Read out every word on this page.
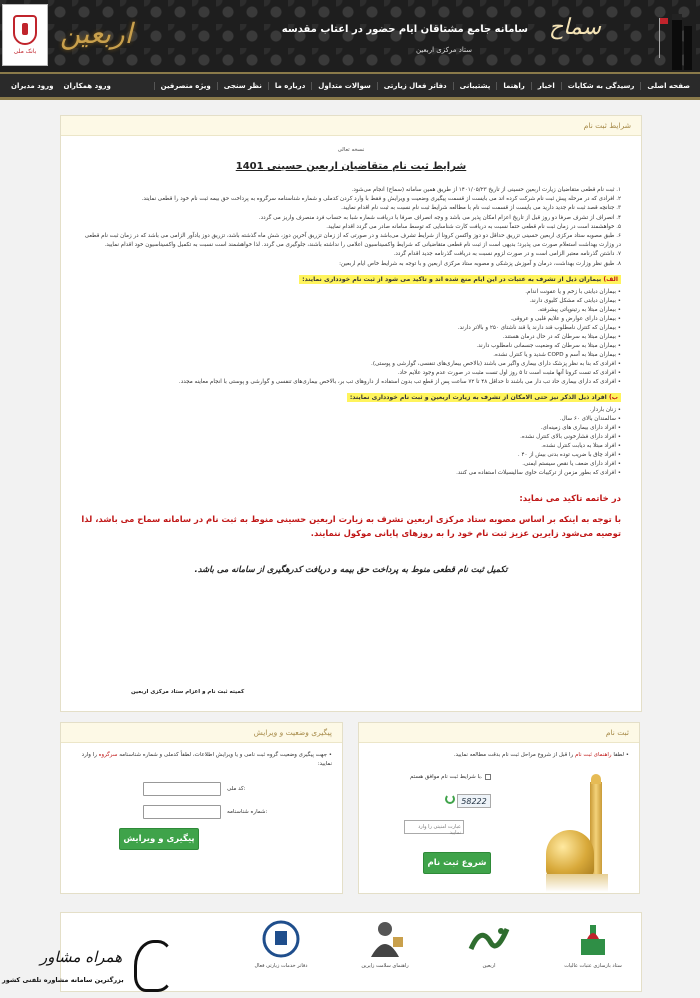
بانک ملی
اربعین	سماح
سامانه جامع مشتاقان ایام حضور در اعتاب مقدسه
ستاد مرکزی اربعین
صفحه اصلی
رسیدگی به شکایات
اخبار
راهنما
پشتیبانی
دفاتر فعال زیارتی
سوالات متداول
درباره ما
نظر سنجی
ویژه منصرفین
ورود همکاران
ورود مدیران
شرایط ثبت نام
نسخه تعالی
شرایط ثبت نام متقاضیان اربعین حسینی 1401
۱. ثبت نام قطعی متقاضیان زیارت اربعین حسینی از تاریخ ۱۴۰۱/۰۵/۲۳ از طریق همین سامانه (سماح) انجام می‌شود.
۲. افرادی که در مرحله پیش ثبت نام شرکت کرده اند می بایست از قسمت پیگیری وضعیت و ویرایش و فقط با وارد کردن کدملی و شماره شناسنامه سرگروه به پرداخت حق بیمه ثبت نام خود را قطعی نمایند.
۳. جنانچه قصد ثبت نام جدید دارید می بایست از قسمت ثبت نام با مطالعه شرایط ثبت نام نسبت به ثبت نام اقدام نمایید.
۴. انصراف از تشرف صرفا دو روز قبل از تاریخ اعزام امکان پذیر می باشد و وجه انصراف صرفا با دریافت شماره شبا به حساب فرد منصرف واریز می گردد.
۵. خواهشمند است در زمان ثبت نام قطعی حتماً نسبت به دریافت کارت شناسایی که توسط سامانه صادر می گردد اقدام نمایید.
۶. طبق مصوبه ستاد مرکزی اربعین حسینی تزریق حداقل دو دوز واکسن کرونا از شرایط تشرف می‌باشد و در صورتی که از زمان تزریق آخرین دوز، شش ماه گذشته باشد، تزریق دوز یادآور الزامی می باشد که در زمان ثبت نام قطعی در وزارت بهداشت استعلام صورت می پذیرد؛ بدیهی است از ثبت نام قطعی متقاضیانی که شرایط واکسیناسیون اعلامی را نداشته باشند، جلوگیری می گردد. لذا خواهشمند است نسبت به تکمیل واکسیناسیون خود اقدام نمایید.
۷. داشتن گذرنامه معتبر الزامی است و در صورت لزوم نسبت به دریافت گذرنامه جدید اقدام گردد.
۸. طبق نظر وزارت بهداشت، درمان و آموزش پزشکی و مصوبه ستاد مرکزی اربعین و با توجه به شرایط خاص ایام اربعین:
الف) بیماران ذیل از تشرف به عتبات در این ایام منع شده اند و تاکید می شود از ثبت نام خودداری نمایند:
• بیماران دیابتی با زخم و یا عفونت اندام.
• بیماران دیابتی که مشکل کلیوی دارند.
• بیماران مبتلا به رتینوپاتی پیشرفته.
• بیماران دارای عوارض و علایم قلبی و عروقی.
• بیماران که کنترل نامطلوب قند دارند یا قند ناشتای ۲۵۰ و بالاتر دارند.
• بیماران مبتلا به سرطان که در حال درمان هستند.
• بیماران مبتلا به سرطان که وضعیت جسمانی نامطلوب دارند.
• بیماران مبتلا به آسم و COPD شدید و یا کنترل نشده.
• افرادی که بنا به نظر پزشک دارای بیماری واگیر می باشند (بالاخص بیماری‌های تنفسی، گوارشی و پوستی).
• افرادی که تست کرونا آنها مثبت است تا ۵ روز اول تست مثبت در صورت عدم وجود علایم حاد.
• افرادی که دارای بیماری حاد تب دار می باشند تا حداقل ۴۸ تا ۷۲ ساعت پس از قطع تب بدون استفاده از داروهای تب بر، بالاخص بیماری‌های تنفسی و گوارشی و پوستی با انجام معاینه مجدد.
ب) افراد ذیل الذکر نیز حتی الامکان از تشرف به زیارت اربعین و ثبت نام خودداری نمایند:
• زنان باردار.
• سالمندان بالای ۶۰ سال.
• افراد دارای بیماری های زمینه‌ای.
• افراد دارای فشارخونی بالای کنترل نشده.
• افراد مبتلا به دیابت کنترل نشده.
• افراد چاق با ضریب توده بدنی بیش از ۴۰ .
• افراد دارای ضعف یا نقص سیستم ایمنی.
• افرادی که بطور مزمن از ترکیبات حاوی سالیسیلات استفاده می کنند.
در خاتمه تاکید می نماید:
با توجه به اینکه بر اساس مصوبه ستاد مرکزی اربعین تشرف به زیارت اربعین حسینی منوط به ثبت نام در سامانه سماح می باشد، لذا توصیه می‌شود زایرین عزیز ثبت نام خود را به روزهای پایانی موکول ننمایند.
تکمیل ثبت نام قطعی منوط به پرداخت حق بیمه و دریافت کدرهگیری از سامانه می باشد.
کمیته ثبت نام و اعزام ستاد مرکزی اربعین
پیگیری وضعیت و ویرایش
• جهت پیگیری وضعیت گروه ثبت نامی و یا ویرایش اطلاعات، لطفاً کدملی و شماره شناسنامه سرگروه را وارد نمایید:
کد ملی:
شماره شناسنامه:
پیگیری و ویرایش
ثبت نام
• لطفا راهنمای ثبت نام را قبل از شروع مراحل ثبت نام بدقت مطالعه نمایید.
با شرایط ثبت نام موافق هستم.
58222
عبارت امنیتی را وارد نمایید
شروع ثبت نام
ستاد بازسازی عتبات عالیات
اربعین
راهنمای سلامت زایرین
دفاتر خدمات زیارتی فعال
همراه مشاور
بزرگترین سامانه مشاوره تلفنی کشور
